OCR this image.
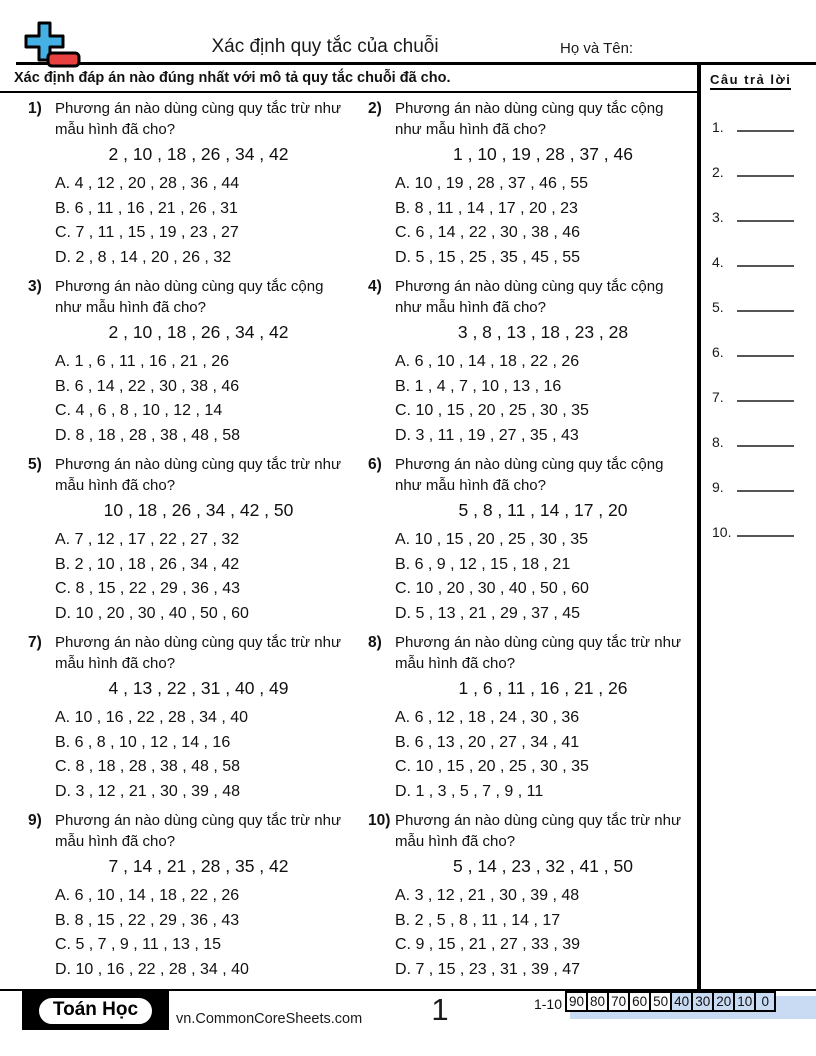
Xác định quy tắc của chuỗi	Họ và Tên:
Xác định đáp án nào đúng nhất với mô tả quy tắc chuỗi đã cho.
1) Phương án nào dùng cùng quy tắc trừ như mẫu hình đã cho?
2 , 10 , 18 , 26 , 34 , 42
A. 4 , 12 , 20 , 28 , 36 , 44
B. 6 , 11 , 16 , 21 , 26 , 31
C. 7 , 11 , 15 , 19 , 23 , 27
D. 2 , 8 , 14 , 20 , 26 , 32
2) Phương án nào dùng cùng quy tắc cộng như mẫu hình đã cho?
1 , 10 , 19 , 28 , 37 , 46
A. 10 , 19 , 28 , 37 , 46 , 55
B. 8 , 11 , 14 , 17 , 20 , 23
C. 6 , 14 , 22 , 30 , 38 , 46
D. 5 , 15 , 25 , 35 , 45 , 55
3) Phương án nào dùng cùng quy tắc cộng như mẫu hình đã cho?
2 , 10 , 18 , 26 , 34 , 42
A. 1 , 6 , 11 , 16 , 21 , 26
B. 6 , 14 , 22 , 30 , 38 , 46
C. 4 , 6 , 8 , 10 , 12 , 14
D. 8 , 18 , 28 , 38 , 48 , 58
4) Phương án nào dùng cùng quy tắc cộng như mẫu hình đã cho?
3 , 8 , 13 , 18 , 23 , 28
A. 6 , 10 , 14 , 18 , 22 , 26
B. 1 , 4 , 7 , 10 , 13 , 16
C. 10 , 15 , 20 , 25 , 30 , 35
D. 3 , 11 , 19 , 27 , 35 , 43
5) Phương án nào dùng cùng quy tắc trừ như mẫu hình đã cho?
10 , 18 , 26 , 34 , 42 , 50
A. 7 , 12 , 17 , 22 , 27 , 32
B. 2 , 10 , 18 , 26 , 34 , 42
C. 8 , 15 , 22 , 29 , 36 , 43
D. 10 , 20 , 30 , 40 , 50 , 60
6) Phương án nào dùng cùng quy tắc cộng như mẫu hình đã cho?
5 , 8 , 11 , 14 , 17 , 20
A. 10 , 15 , 20 , 25 , 30 , 35
B. 6 , 9 , 12 , 15 , 18 , 21
C. 10 , 20 , 30 , 40 , 50 , 60
D. 5 , 13 , 21 , 29 , 37 , 45
7) Phương án nào dùng cùng quy tắc trừ như mẫu hình đã cho?
4 , 13 , 22 , 31 , 40 , 49
A. 10 , 16 , 22 , 28 , 34 , 40
B. 6 , 8 , 10 , 12 , 14 , 16
C. 8 , 18 , 28 , 38 , 48 , 58
D. 3 , 12 , 21 , 30 , 39 , 48
8) Phương án nào dùng cùng quy tắc trừ như mẫu hình đã cho?
1 , 6 , 11 , 16 , 21 , 26
A. 6 , 12 , 18 , 24 , 30 , 36
B. 6 , 13 , 20 , 27 , 34 , 41
C. 10 , 15 , 20 , 25 , 30 , 35
D. 1 , 3 , 5 , 7 , 9 , 11
9) Phương án nào dùng cùng quy tắc trừ như mẫu hình đã cho?
7 , 14 , 21 , 28 , 35 , 42
A. 6 , 10 , 14 , 18 , 22 , 26
B. 8 , 15 , 22 , 29 , 36 , 43
C. 5 , 7 , 9 , 11 , 13 , 15
D. 10 , 16 , 22 , 28 , 34 , 40
10) Phương án nào dùng cùng quy tắc trừ như mẫu hình đã cho?
5 , 14 , 23 , 32 , 41 , 50
A. 3 , 12 , 21 , 30 , 39 , 48
B. 2 , 5 , 8 , 11 , 14 , 17
C. 9 , 15 , 21 , 27 , 33 , 39
D. 7 , 15 , 23 , 31 , 39 , 47
Câu trả lời
1.
2.
3.
4.
5.
6.
7.
8.
9.
10.
Toán Học	vn.CommonCoreSheets.com	1	1-10 90	80	70	60	50	40	30	20	10	0
